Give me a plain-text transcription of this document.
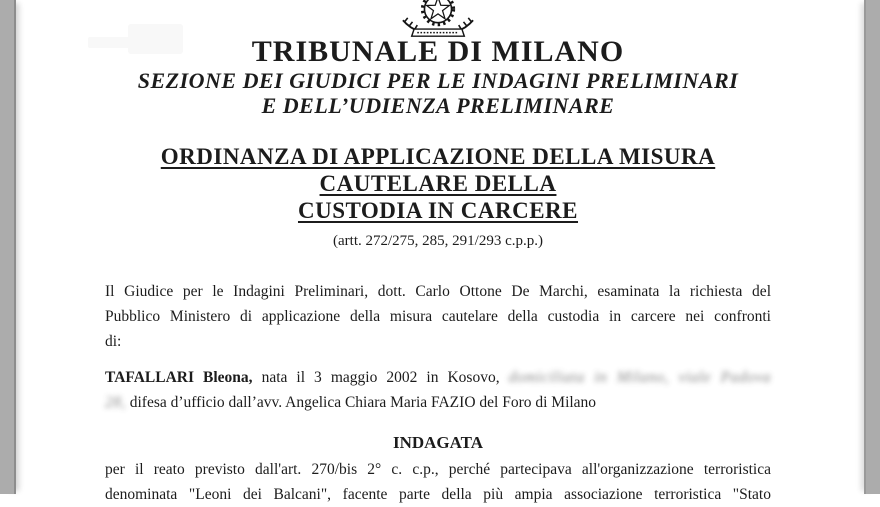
TRIBUNALE DI MILANO
SEZIONE DEI GIUDICI PER LE INDAGINI PRELIMINARI
E DELL’UDIENZA PRELIMINARE
ORDINANZA DI APPLICAZIONE DELLA MISURA
CAUTELARE DELLA
CUSTODIA IN CARCERE
(artt. 272/275, 285, 291/293 c.p.p.)
Il Giudice per le Indagini Preliminari, dott. Carlo Ottone De Marchi, esaminata la richiesta del
Pubblico Ministero di applicazione della misura cautelare della custodia in carcere nei confronti
di:
TAFALLARI Bleona, nata il 3 maggio 2002 in Kosovo, domiciliata in Milano, viale Padova
28, difesa d’ufficio dall’avv. Angelica Chiara Maria FAZIO del Foro di Milano
INDAGATA
per il reato previsto dall'art. 270/bis 2° c. c.p., perché partecipava all'organizzazione terroristica
denominata "Leoni dei Balcani", facente parte della più ampia associazione terroristica "Stato
